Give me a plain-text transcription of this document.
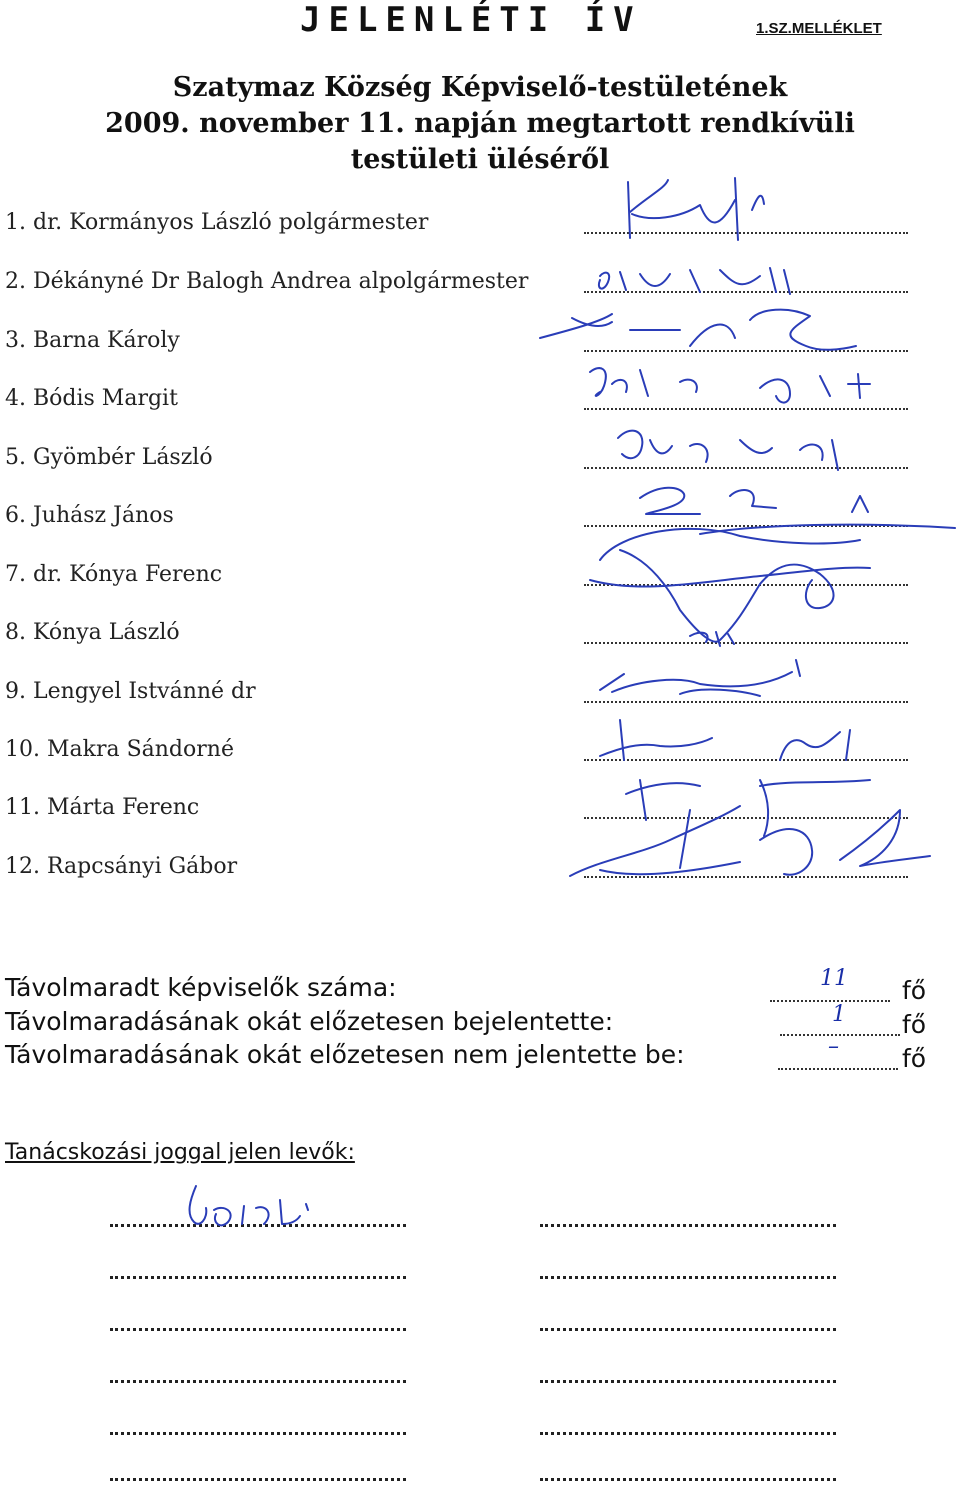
JELENLÉTI ÍV	1.SZ.MELLÉKLET
Szatymaz Község Képviselő-testületének
2009. november 11. napján megtartott rendkívüli
testületi üléséről
1. dr. Kormányos László polgármester
2. Dékányné Dr Balogh Andrea alpolgármester
3. Barna Károly
4. Bódis Margit
5. Gyömbér László
6. Juhász János
7. dr. Kónya Ferenc
8. Kónya László
9. Lengyel Istvánné dr
10. Makra Sándorné
11. Márta Ferenc
12. Rapcsányi Gábor
Távolmaradt képviselők száma:	11 fő
Távolmaradásának okát előzetesen bejelentette:	1 fő
Távolmaradásának okát előzetesen nem jelentette be:	–	fő
Tanácskozási joggal jelen levők:
